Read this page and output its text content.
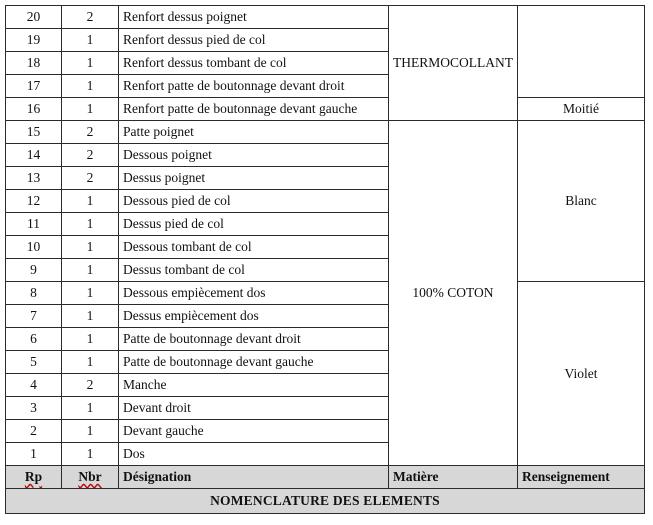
20	2	Renfort dessus poignet	THERMOCOLLANT	
19	1	Renfort dessus pied de col		
18	1	Renfort dessus tombant de col		
17	1	Renfort patte de boutonnage devant droit		
16	1	Renfort patte de boutonnage devant gauche		Moitié
15	2	Patte poignet	100% COTON	Blanc
14	2	Dessous poignet		
13	2	Dessus poignet		
12	1	Dessous pied de col		
11	1	Dessus pied de col		
10	1	Dessous tombant de col		
9	1	Dessus tombant de col		
8	1	Dessous empiècement dos		Violet
7	1	Dessus empiècement dos		
6	1	Patte de boutonnage devant droit		
5	1	Patte de boutonnage devant gauche		
4	2	Manche		
3	1	Devant droit		
2	1	Devant gauche		
1	1	Dos		
Rp	Nbr	Désignation	Matière	Renseignement
NOMENCLATURE DES ELEMENTS				
